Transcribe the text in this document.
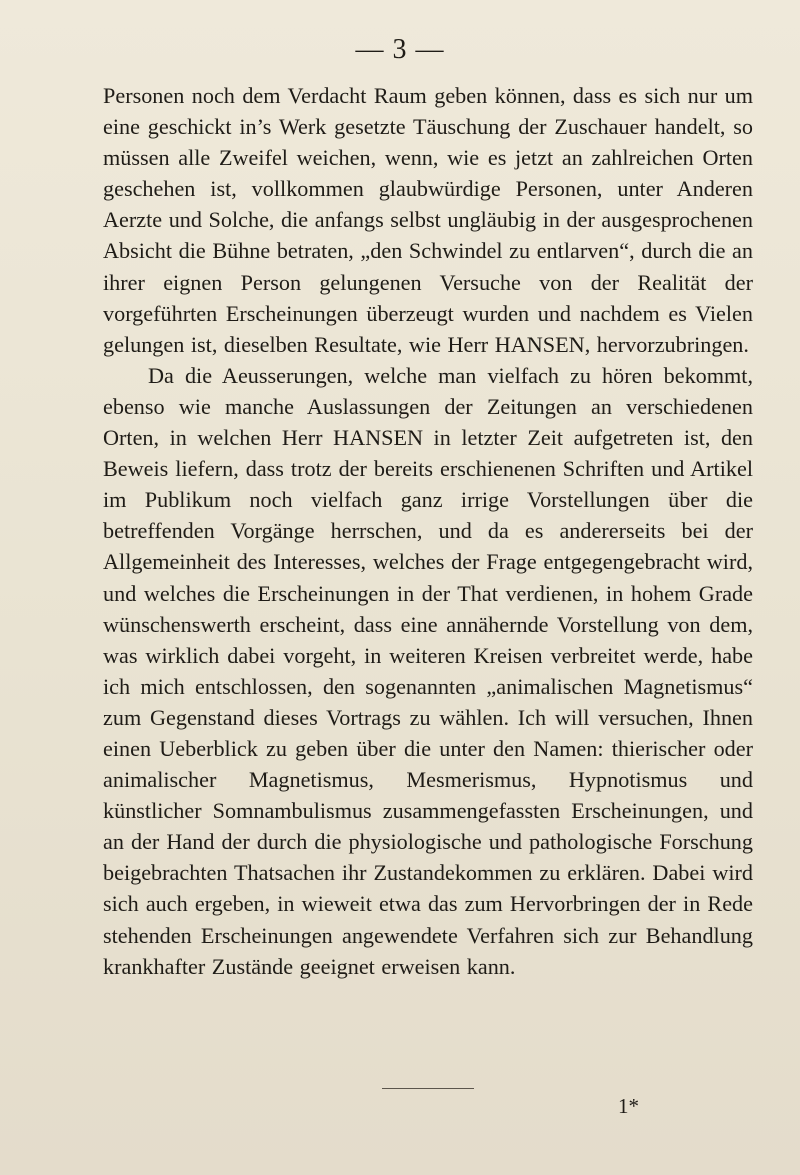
— 3 —

Personen noch dem Verdacht Raum geben können, dass es sich nur um eine geschickt in’s Werk gesetzte Täuschung der Zuschauer handelt, so müssen alle Zweifel weichen, wenn, wie es jetzt an zahlreichen Orten geschehen ist, vollkommen glaubwürdige Personen, unter Anderen Aerzte und Solche, die anfangs selbst ungläubig in der ausgesprochenen Absicht die Bühne betraten, „den Schwindel zu entlarven“, durch die an ihrer eignen Person gelungenen Versuche von der Realität der vorgeführten Erscheinungen überzeugt wurden und nachdem es Vielen gelungen ist, dieselben Resultate, wie Herr HANSEN, hervorzubringen.

Da die Aeusserungen, welche man vielfach zu hören bekommt, ebenso wie manche Auslassungen der Zeitungen an verschiedenen Orten, in welchen Herr HANSEN in letzter Zeit aufgetreten ist, den Beweis liefern, dass trotz der bereits erschienenen Schriften und Artikel im Publikum noch vielfach ganz irrige Vorstellungen über die betreffenden Vorgänge herrschen, und da es andererseits bei der Allgemeinheit des Interesses, welches der Frage entgegengebracht wird, und welches die Erscheinungen in der That verdienen, in hohem Grade wünschenswerth erscheint, dass eine annähernde Vorstellung von dem, was wirklich dabei vorgeht, in weiteren Kreisen verbreitet werde, habe ich mich entschlossen, den sogenannten „animalischen Magnetismus“ zum Gegenstand dieses Vortrags zu wählen. Ich will versuchen, Ihnen einen Ueberblick zu geben über die unter den Namen: thierischer oder animalischer Magnetismus, Mesmerismus, Hypnotismus und künstlicher Somnambulismus zusammengefassten Erscheinungen, und an der Hand der durch die physiologische und pathologische Forschung beigebrachten Thatsachen ihr Zustandekommen zu erklären. Dabei wird sich auch ergeben, in wieweit etwa das zum Hervorbringen der in Rede stehenden Erscheinungen angewendete Verfahren sich zur Behandlung krankhafter Zustände geeignet erweisen kann.

1*
